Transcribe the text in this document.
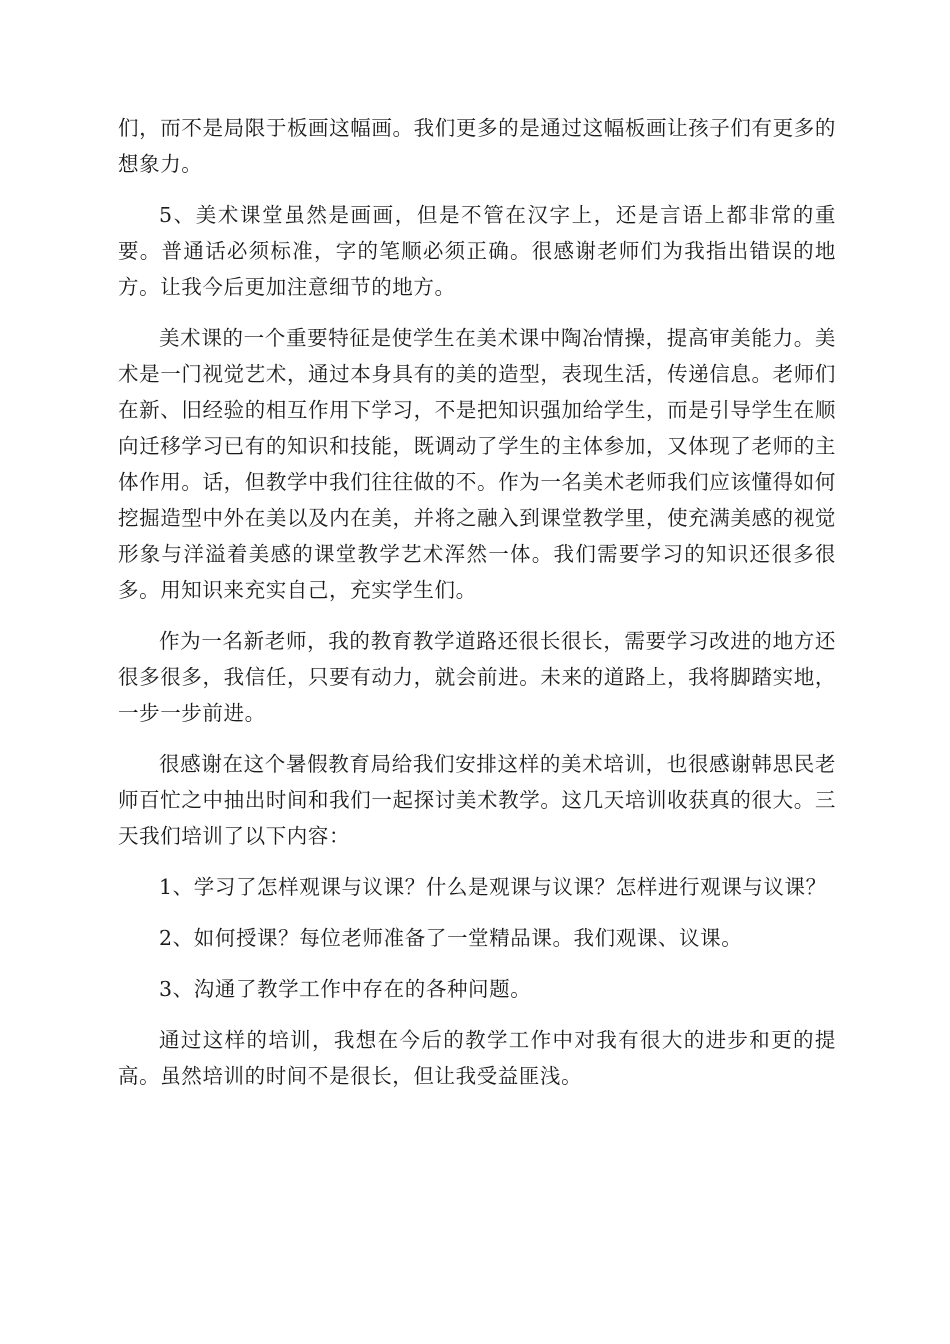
们，而不是局限于板画这幅画。我们更多的是通过这幅板画让孩子们有更多的想象力。

5、美术课堂虽然是画画，但是不管在汉字上，还是言语上都非常的重要。普通话必须标准，字的笔顺必须正确。很感谢老师们为我指出错误的地方。让我今后更加注意细节的地方。

美术课的一个重要特征是使学生在美术课中陶冶情操，提高审美能力。美术是一门视觉艺术，通过本身具有的美的造型，表现生活，传递信息。老师们在新、旧经验的相互作用下学习，不是把知识强加给学生，而是引导学生在顺向迁移学习已有的知识和技能，既调动了学生的主体参加，又体现了老师的主体作用。话，但教学中我们往往做的不。作为一名美术老师我们应该懂得如何挖掘造型中外在美以及内在美，并将之融入到课堂教学里，使充满美感的视觉形象与洋溢着美感的课堂教学艺术浑然一体。我们需要学习的知识还很多很多。用知识来充实自己，充实学生们。

作为一名新老师，我的教育教学道路还很长很长，需要学习改进的地方还很多很多，我信任，只要有动力，就会前进。未来的道路上，我将脚踏实地，一步一步前进。

很感谢在这个暑假教育局给我们安排这样的美术培训，也很感谢韩思民老师百忙之中抽出时间和我们一起探讨美术教学。这几天培训收获真的很大。三天我们培训了以下内容：

1、学习了怎样观课与议课？什么是观课与议课？怎样进行观课与议课？

2、如何授课？每位老师准备了一堂精品课。我们观课、议课。

3、沟通了教学工作中存在的各种问题。

通过这样的培训，我想在今后的教学工作中对我有很大的进步和更的提高。虽然培训的时间不是很长，但让我受益匪浅。
